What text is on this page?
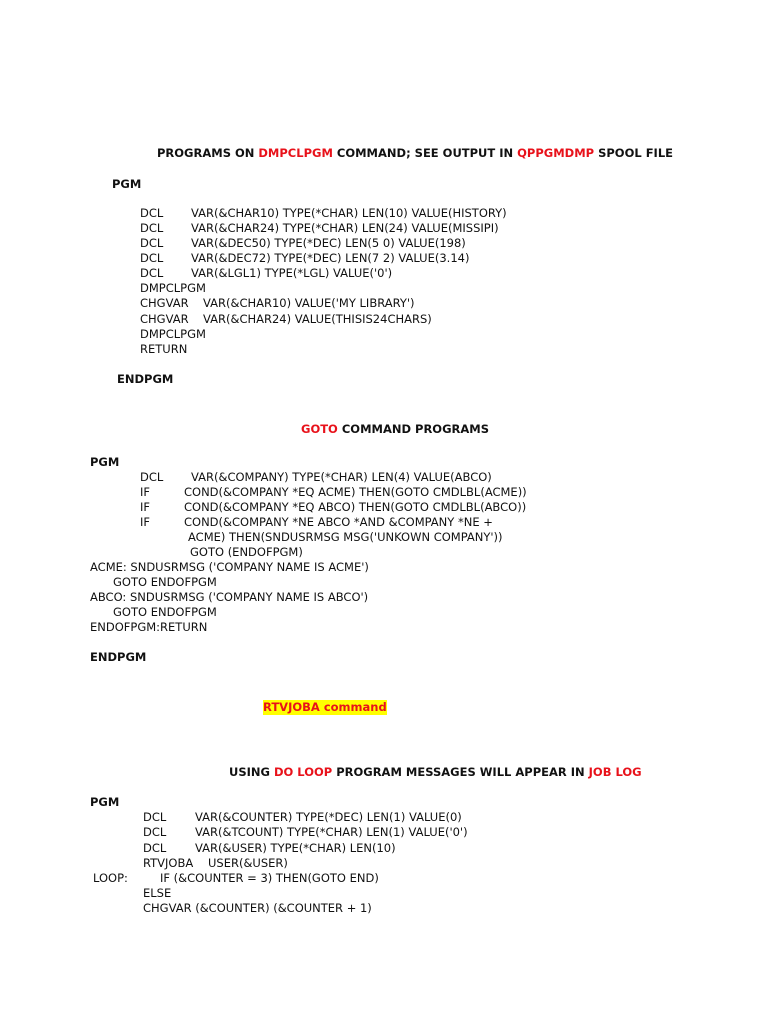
PROGRAMS ON DMPCLPGM COMMAND; SEE OUTPUT IN QPPGMDMP SPOOL FILE
PGM
DCL VAR(&CHAR10) TYPE(*CHAR) LEN(10) VALUE(HISTORY)
DCL VAR(&CHAR24) TYPE(*CHAR) LEN(24) VALUE(MISSIPI)
DCL VAR(&DEC50) TYPE(*DEC) LEN(5 0) VALUE(198)
DCL VAR(&DEC72) TYPE(*DEC) LEN(7 2) VALUE(3.14)
DCL VAR(&LGL1) TYPE(*LGL) VALUE('0')
DMPCLPGM
CHGVAR VAR(&CHAR10) VALUE('MY LIBRARY')
CHGVAR VAR(&CHAR24) VALUE(THISIS24CHARS)
DMPCLPGM
RETURN
ENDPGM
GOTO COMMAND PROGRAMS
PGM
DCL VAR(&COMPANY) TYPE(*CHAR) LEN(4) VALUE(ABCO)
IF	COND(&COMPANY *EQ ACME) THEN(GOTO CMDLBL(ACME))
IF	COND(&COMPANY *EQ ABCO) THEN(GOTO CMDLBL(ABCO))
IF	COND(&COMPANY *NE ABCO *AND &COMPANY *NE +
ACME) THEN(SNDUSRMSG MSG('UNKOWN COMPANY'))
GOTO (ENDOFPGM)
ACME: SNDUSRMSG ('COMPANY NAME IS ACME')
GOTO ENDOFPGM
ABCO: SNDUSRMSG ('COMPANY NAME IS ABCO')
GOTO ENDOFPGM
ENDOFPGM:RETURN
ENDPGM
RTVJOBA command
USING DO LOOP PROGRAM MESSAGES WILL APPEAR IN JOB LOG
PGM
DCL VAR(&COUNTER) TYPE(*DEC) LEN(1) VALUE(0)
DCL VAR(&TCOUNT) TYPE(*CHAR) LEN(1) VALUE('0')
DCL VAR(&USER) TYPE(*CHAR) LEN(10)
RTVJOBA USER(&USER)
LOOP:	IF (&COUNTER = 3) THEN(GOTO END)
ELSE
CHGVAR (&COUNTER) (&COUNTER + 1)
